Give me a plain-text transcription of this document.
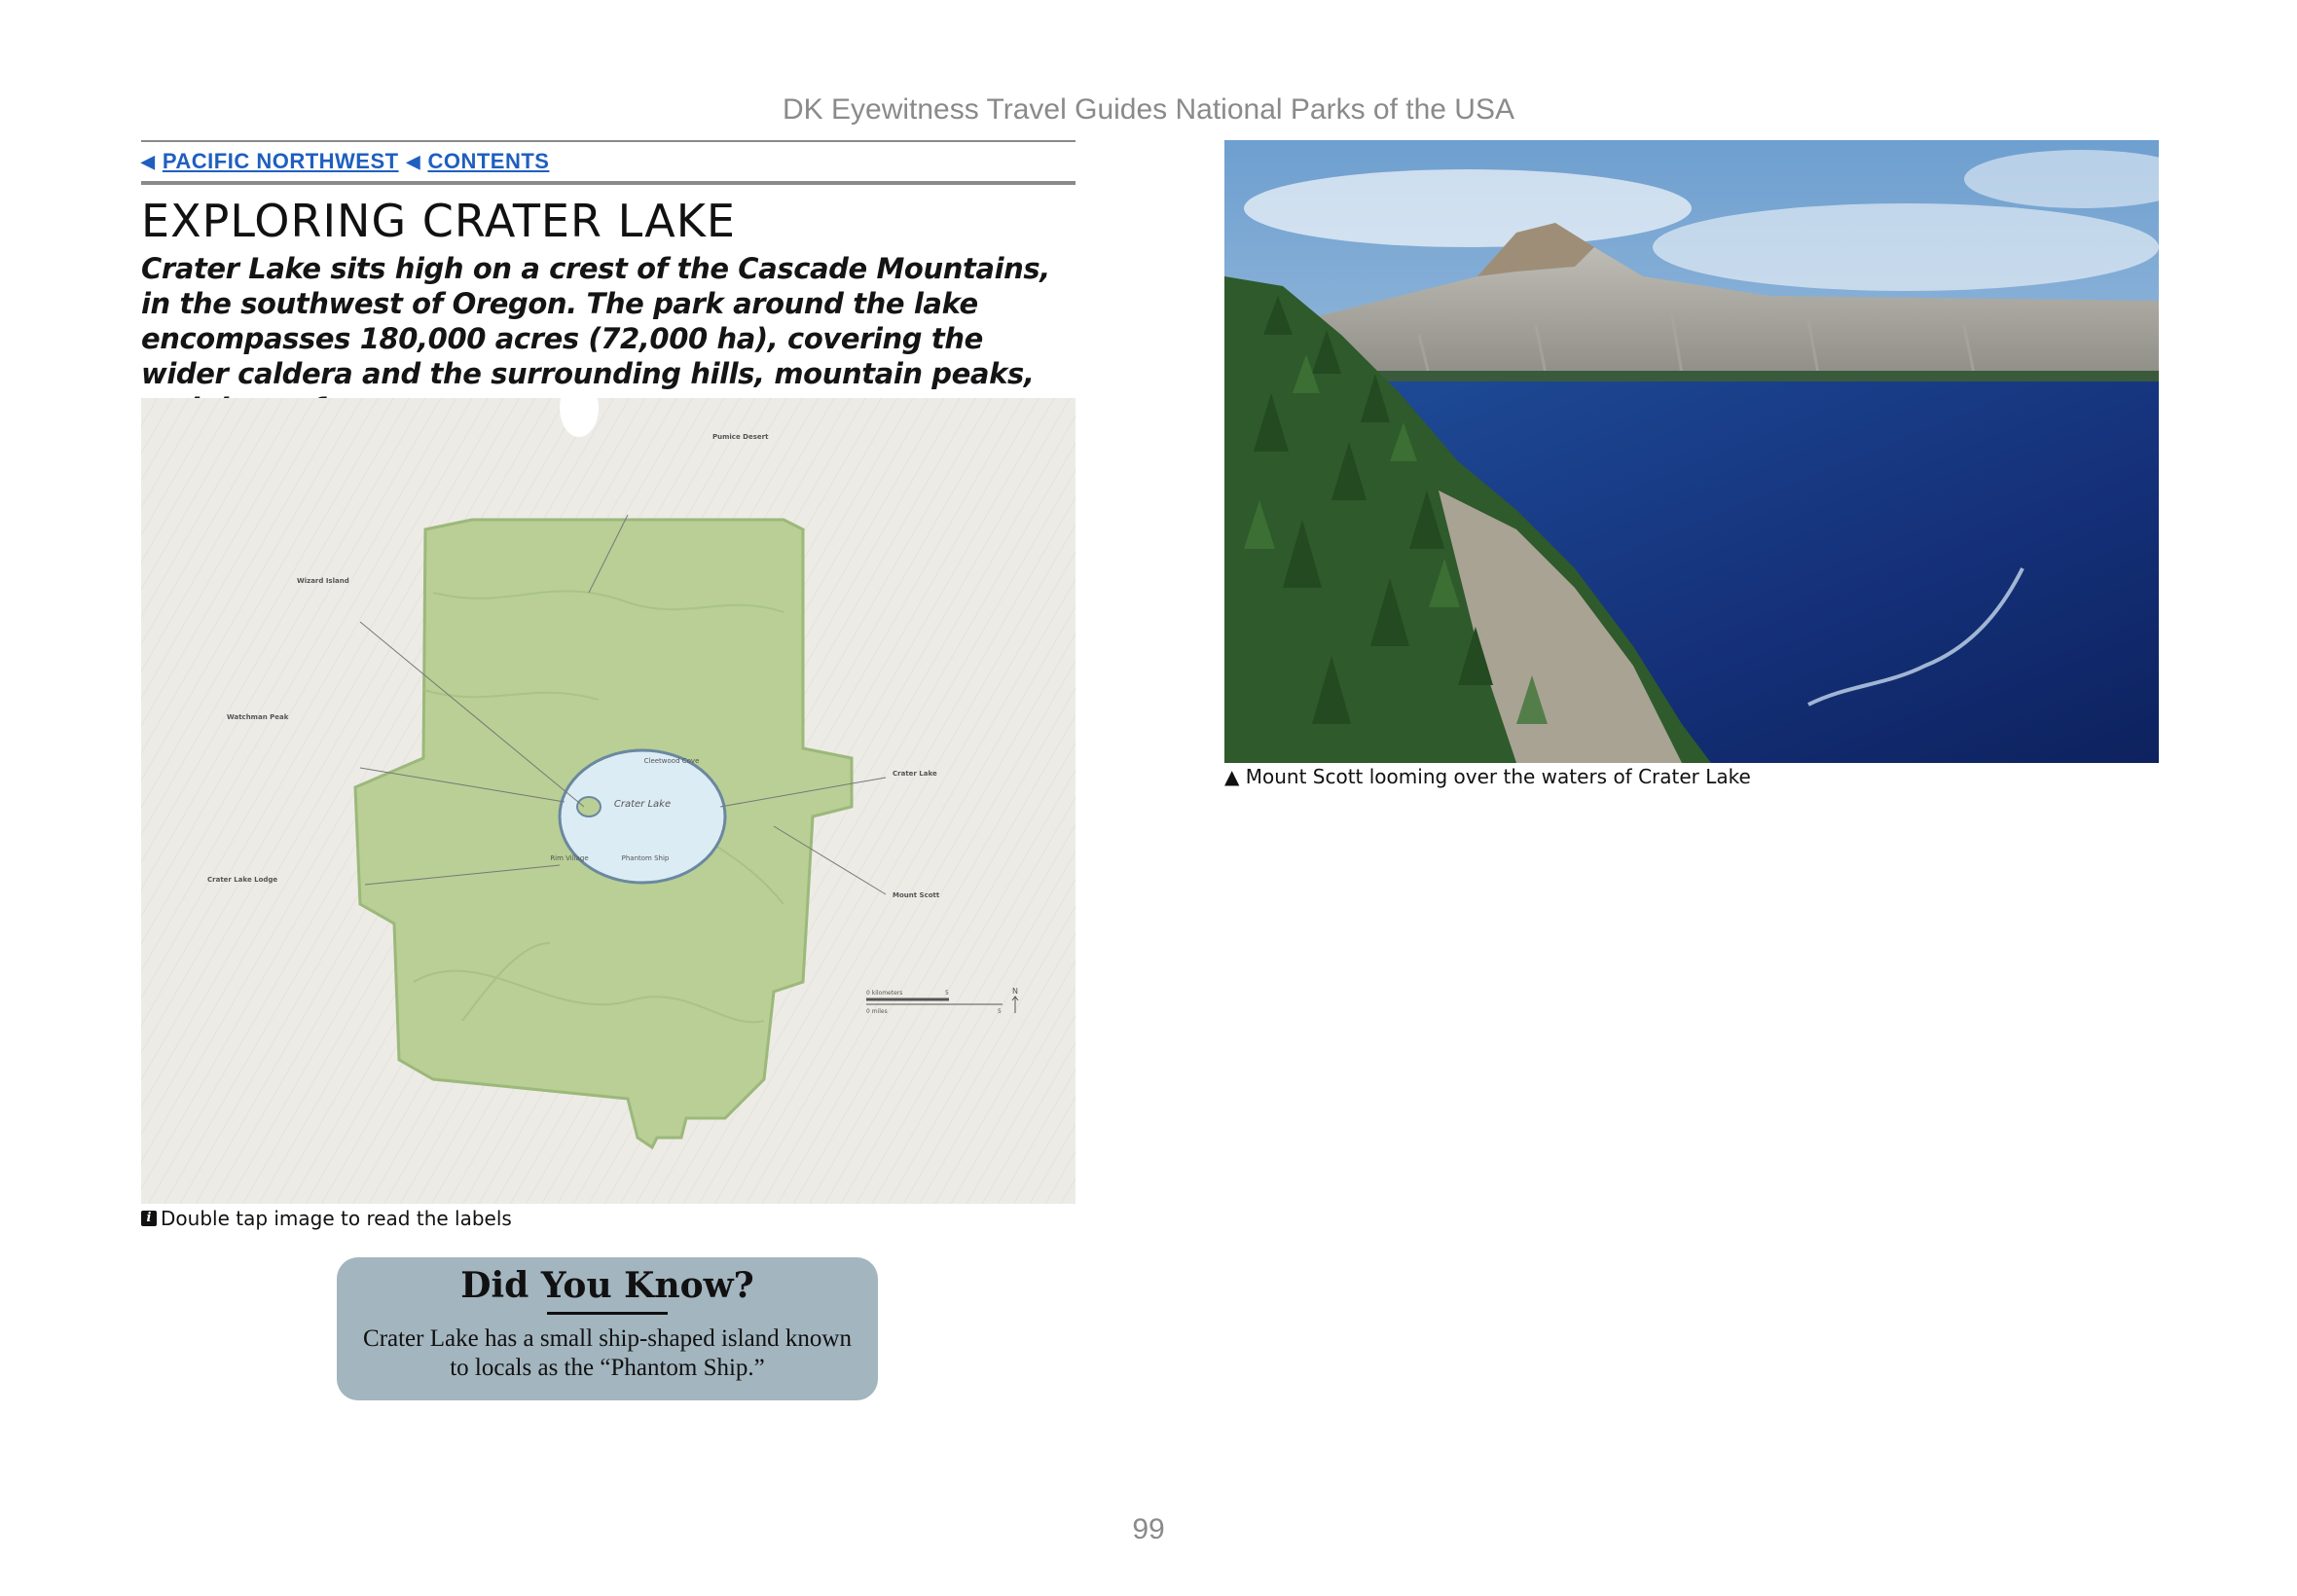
DK Eyewitness Travel Guides National Parks of the USA
◀ PACIFIC NORTHWEST ◀ CONTENTS
EXPLORING CRATER LAKE

Crater Lake sits high on a crest of the Cascade Mountains, in the southwest of Oregon. The park around the lake encompasses 180,000 acres (72,000 ha), covering the wider caldera and the surrounding hills, mountain peaks,

Crater Lake
Cleetwood Cove
Phantom Ship
Rim Village
Wizard Island
Watchman Peak
Crater Lake Lodge
Pumice Desert
Crater Lake
Mount Scott
0 kilometers	5
0 miles	5
N
i Double tap image to read the labels
Did You Know?
Crater Lake has a small ship-shaped island known to locals as the “Phantom Ship.”
▲ Mount Scott looming over the waters of Crater Lake
99
